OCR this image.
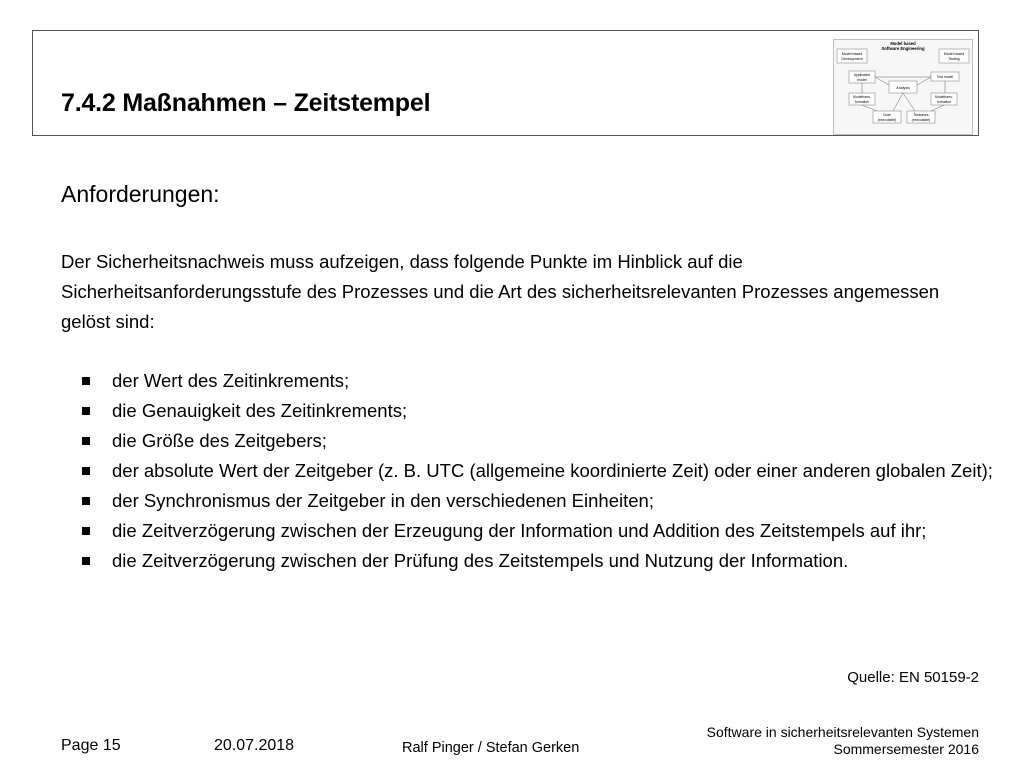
7.4.2 Maßnahmen – Zeitstempel
Model based
Software Engineering
Model based
Development
Model based
Testing
Application
model
Test model
Analysis
Modeltrans-
formation
Modeltrans-
formation
Code
(executable)
Testcases
(executable)
Anforderungen:
Der Sicherheitsnachweis muss aufzeigen, dass folgende Punkte im Hinblick auf die Sicherheitsanforderungsstufe des Prozesses und die Art des sicherheitsrelevanten Prozesses angemessen gelöst sind:
der Wert des Zeitinkrements;
die Genauigkeit des Zeitinkrements;
die Größe des Zeitgebers;
der absolute Wert der Zeitgeber (z. B. UTC (allgemeine koordinierte Zeit) oder einer anderen globalen Zeit);
der Synchronismus der Zeitgeber in den verschiedenen Einheiten;
die Zeitverzögerung zwischen der Erzeugung der Information und Addition des Zeitstempels auf ihr;
die Zeitverzögerung zwischen der Prüfung des Zeitstempels und Nutzung der Information.
Quelle: EN 50159-2
Page 15	20.07.2018	Ralf Pinger / Stefan Gerken
Software in sicherheitsrelevanten Systemen
Sommersemester 2016
